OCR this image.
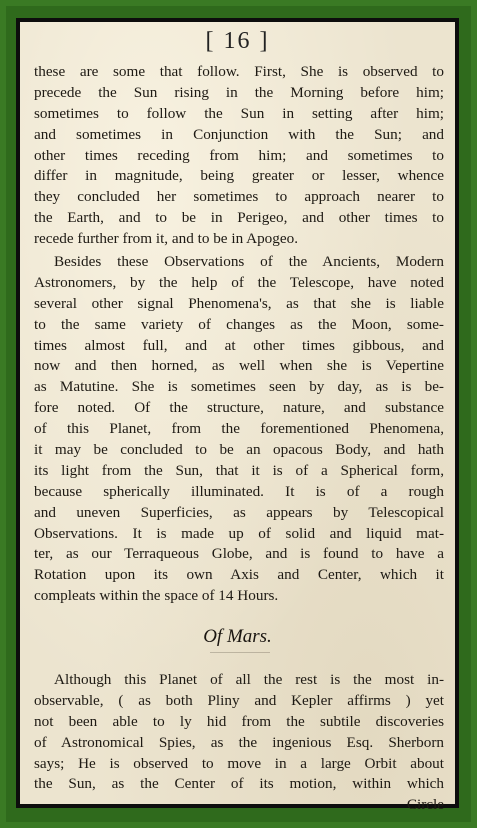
[ 16 ]
these are some that follow. First, She is observed to
precede the Sun rising in the Morning before him;
sometimes to follow the Sun in setting after him;
and sometimes in Conjunction with the Sun; and
other times receding from him; and sometimes to
differ in magnitude, being greater or lesser, whence
they concluded her sometimes to approach nearer to
the Earth, and to be in Perigeo, and other times to
recede further from it, and to be in Apogeo.
Besides these Observations of the Ancients, Modern
Astronomers, by the help of the Telescope, have noted
several other signal Phenomena's, as that she is liable
to the same variety of changes as the Moon, some-
times almost full, and at other times gibbous, and
now and then horned, as well when she is Vepertine
as Matutine. She is sometimes seen by day, as is be-
fore noted. Of the structure, nature, and substance
of this Planet, from the forementioned Phenomena,
it may be concluded to be an opacous Body, and hath
its light from the Sun, that it is of a Spherical form,
because spherically illuminated. It is of a rough
and uneven Superficies, as appears by Telescopical
Observations. It is made up of solid and liquid mat-
ter, as our Terraqueous Globe, and is found to have a
Rotation upon its own Axis and Center, which it
compleats within the space of 14 Hours.
Of Mars.
Although this Planet of all the rest is the most in-
observable, ( as both Pliny and Kepler affirms ) yet
not been able to ly hid from the subtile discoveries
of Astronomical Spies, as the ingenious Esq. Sherborn
says; He is observed to move in a large Orbit about
the Sun, as the Center of its motion, within which
Circle
